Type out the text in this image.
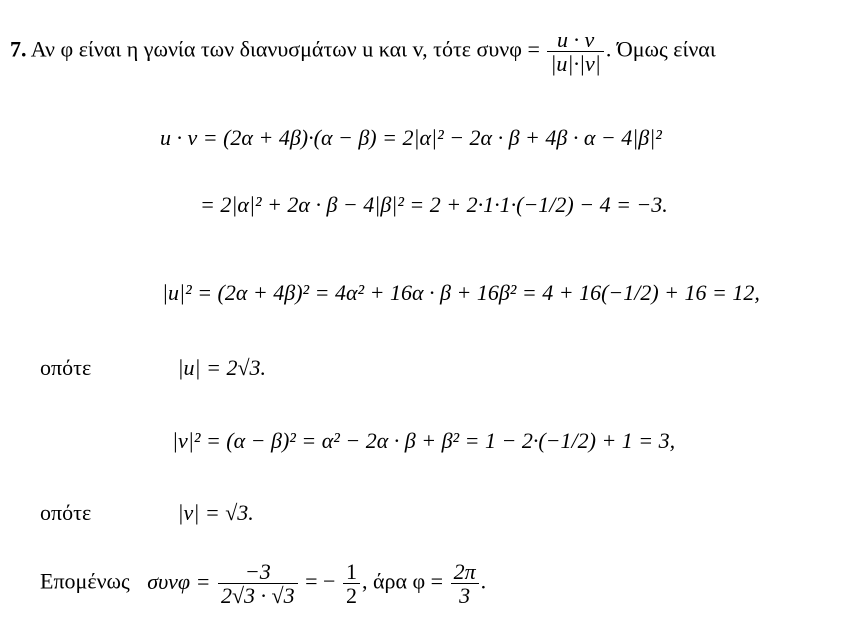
7. Αν φ είναι η γωνία των διανυσμάτων u και v, τότε $\sigma\upsilon\nu\varphi = \frac{u \cdot v}{|u|\cdot|v|}$ . Όμως είναι
u · v = (2α + 4β)·(α − β) = 2|α|² − 2α · β + 4β · α − 4|β|²
= 2|α|² + 2α · β − 4|β|² = 2 + 2·1·1·(−1/2) − 4 = −3.
|u|² = (2α + 4β)² = 4α² + 16α · β + 16β² = 4 + 16(−1/2) + 16 = 12,
οπότε	|u| = 2√3.
|v|² = (α − β)² = α² − 2α · β + β² = 1 − 2·(−1/2) + 1 = 3,
οπότε	|v| = √3.
Επομένως $\sigma\upsilon\nu\varphi = \frac{-3}{2√3 \cdot √3}$ = − $\frac{1}{2}$ , άρα $\varphi = \frac{2\pi}{3}$ .
